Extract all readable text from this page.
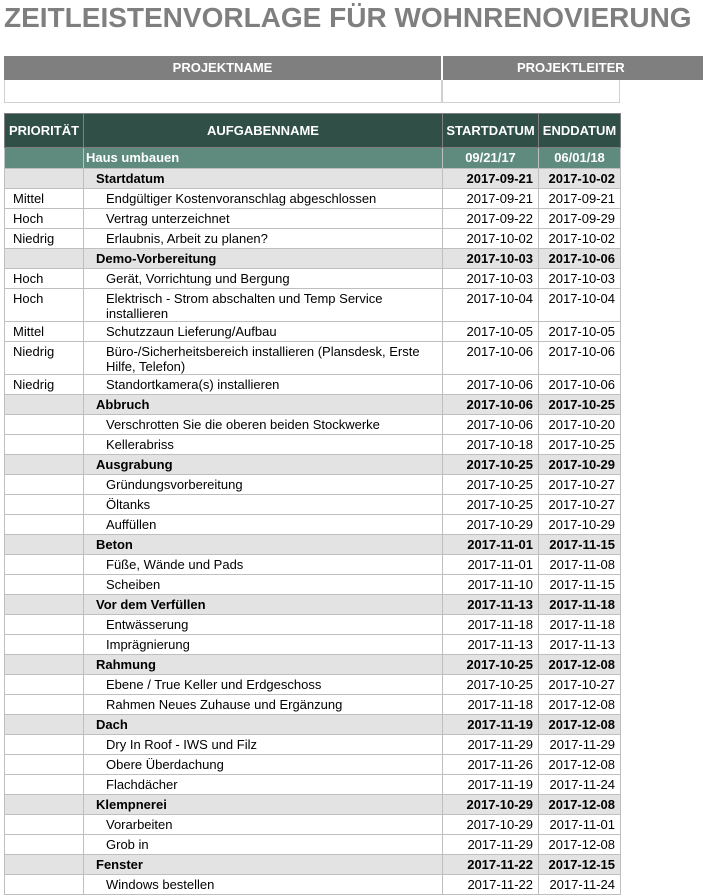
ZEITLEISTENVORLAGE FÜR WOHNRENOVIERUNG
PROJEKTNAME	PROJEKTLEITER
PRIORITÄT	AUFGABENNAME	STARTDATUM	ENDDATUM
	Haus umbauen	09/21/17	06/01/18
	Startdatum	2017-09-21	2017-10-02
Mittel	Endgültiger Kostenvoranschlag abgeschlossen	2017-09-21	2017-09-21
Hoch	Vertrag unterzeichnet	2017-09-22	2017-09-29
Niedrig	Erlaubnis, Arbeit zu planen?	2017-10-02	2017-10-02
	Demo-Vorbereitung	2017-10-03	2017-10-06
Hoch	Gerät, Vorrichtung und Bergung	2017-10-03	2017-10-03
Hoch	Elektrisch - Strom abschalten und Temp Service installieren	2017-10-04	2017-10-04
Mittel	Schutzzaun Lieferung/Aufbau	2017-10-05	2017-10-05
Niedrig	Büro-/Sicherheitsbereich installieren (Plansdesk, Erste Hilfe, Telefon)	2017-10-06	2017-10-06
Niedrig	Standortkamera(s) installieren	2017-10-06	2017-10-06
	Abbruch	2017-10-06	2017-10-25
	Verschrotten Sie die oberen beiden Stockwerke	2017-10-06	2017-10-20
	Kellerabriss	2017-10-18	2017-10-25
	Ausgrabung	2017-10-25	2017-10-29
	Gründungsvorbereitung	2017-10-25	2017-10-27
	Öltanks	2017-10-25	2017-10-27
	Auffüllen	2017-10-29	2017-10-29
	Beton	2017-11-01	2017-11-15
	Füße, Wände und Pads	2017-11-01	2017-11-08
	Scheiben	2017-11-10	2017-11-15
	Vor dem Verfüllen	2017-11-13	2017-11-18
	Entwässerung	2017-11-18	2017-11-18
	Imprägnierung	2017-11-13	2017-11-13
	Rahmung	2017-10-25	2017-12-08
	Ebene / True Keller und Erdgeschoss	2017-10-25	2017-10-27
	Rahmen Neues Zuhause und Ergänzung	2017-11-18	2017-12-08
	Dach	2017-11-19	2017-12-08
	Dry In Roof - IWS und Filz	2017-11-29	2017-11-29
	Obere Überdachung	2017-11-26	2017-12-08
	Flachdächer	2017-11-19	2017-11-24
	Klempnerei	2017-10-29	2017-12-08
	Vorarbeiten	2017-10-29	2017-11-01
	Grob in	2017-11-29	2017-12-08
	Fenster	2017-11-22	2017-12-15
	Windows bestellen	2017-11-22	2017-11-24
